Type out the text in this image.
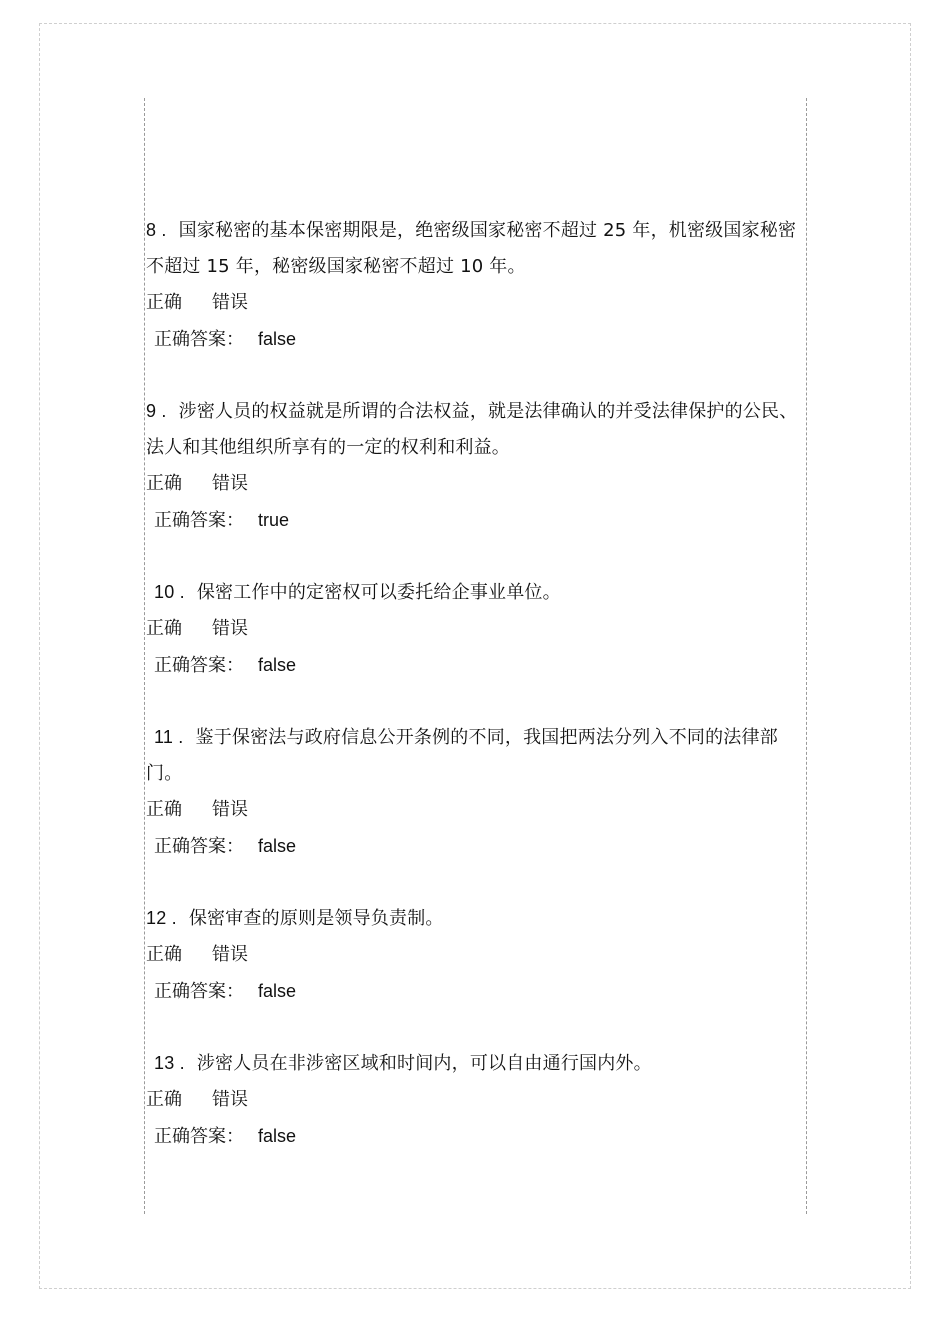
8 . 国家秘密的基本保密期限是，绝密级国家秘密不超过 25 年，机密级国家秘密不超过 15 年，秘密级国家秘密不超过 10 年。

正确	错误
正确答案： false

9 . 涉密人员的权益就是所谓的合法权益，就是法律确认的并受法律保护的公民、法人和其他组织所享有的一定的权利和利益。

正确	错误
正确答案： true

10 . 保密工作中的定密权可以委托给企事业单位。

正确	错误
正确答案： false

11 . 鉴于保密法与政府信息公开条例的不同，我国把两法分列入不同的法律部门。

正确	错误
正确答案： false

12 . 保密审查的原则是领导负责制。

正确	错误
正确答案： false

13 . 涉密人员在非涉密区域和时间内，可以自由通行国内外。

正确	错误
正确答案： false
